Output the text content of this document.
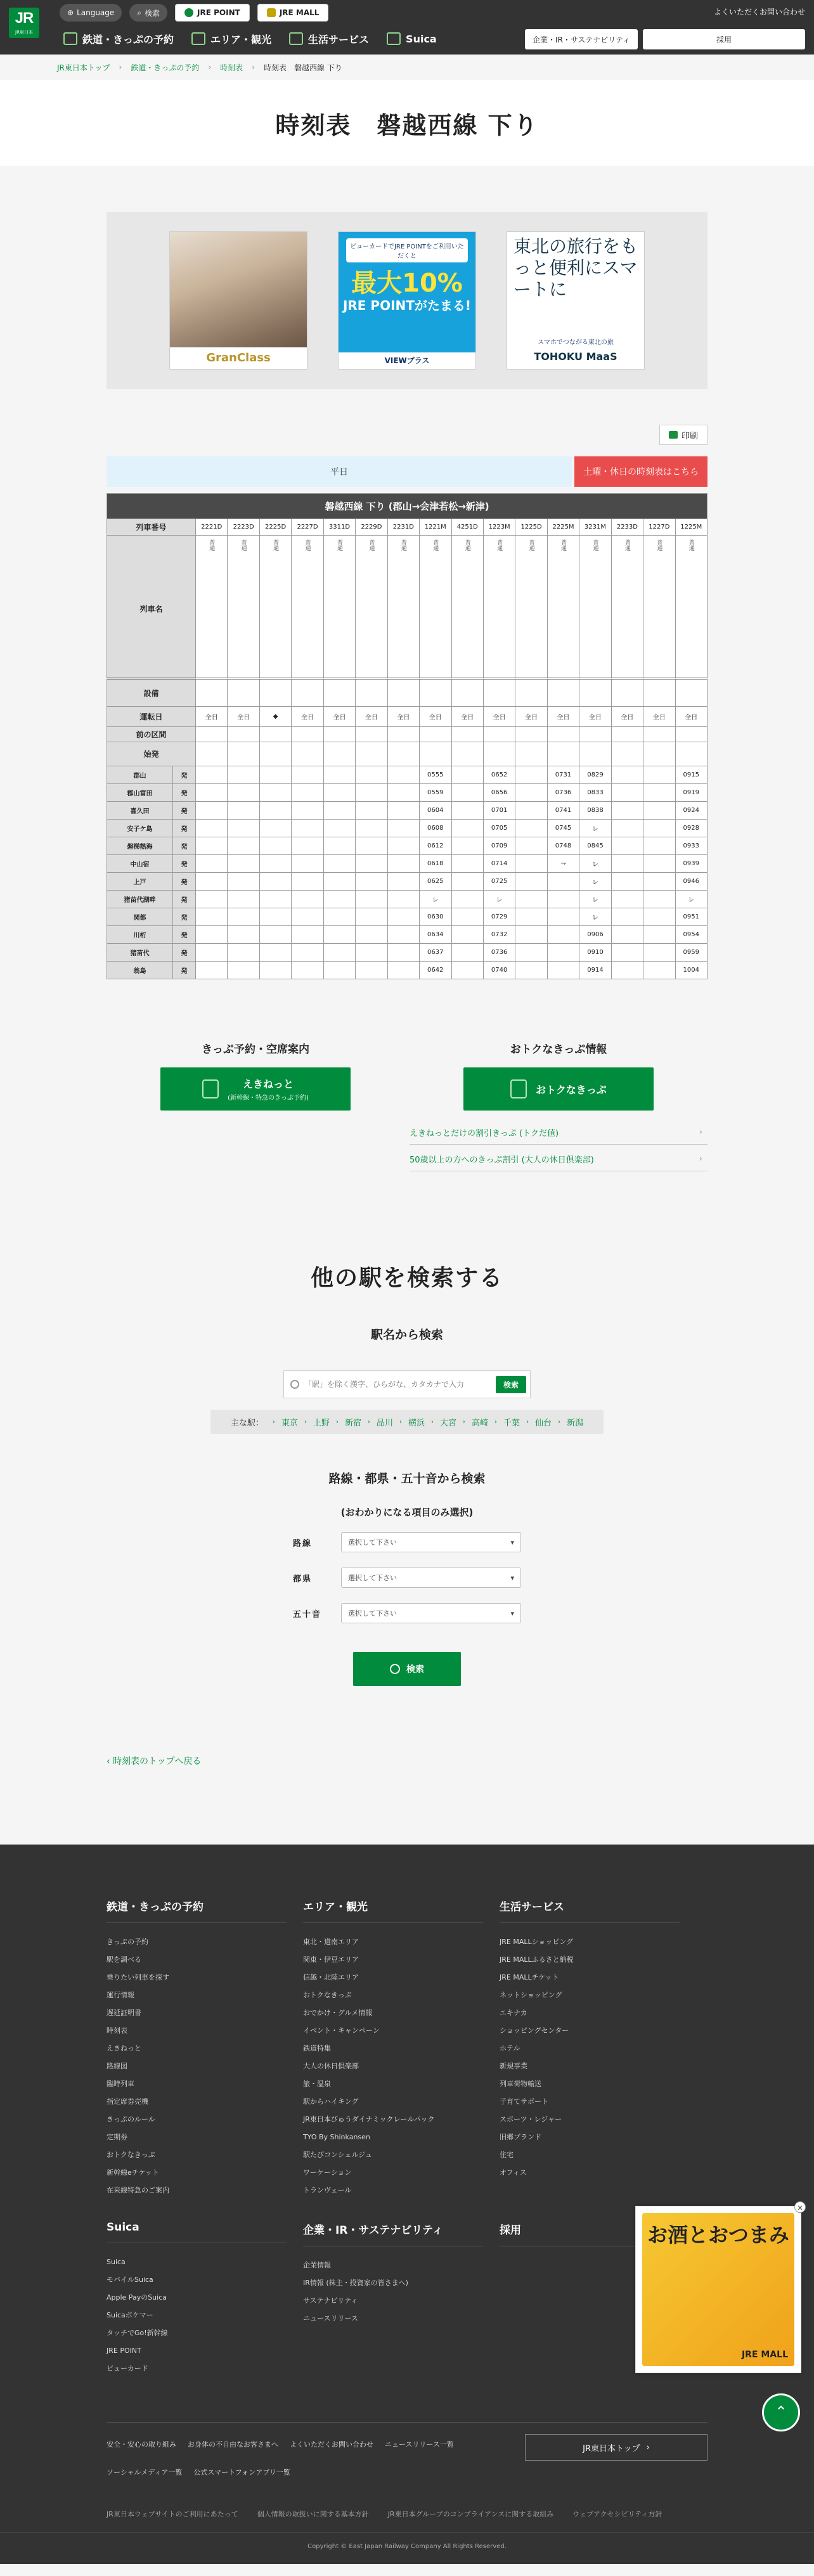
JR
JR東日本
⊕ Language	⌕ 検索	JRE POINT	JRE MALL	よくいただくお問い合わせ
鉄道・きっぷの予約	エリア・観光	生活サービス	Suica	企業・IR・サステナビリティ	採用
JR東日本トップ › 鉄道・きっぷの予約 › 時刻表 › 時刻表　磐越西線 下り
時刻表　磐越西線 下り
GranClass
ビューカードでJRE POINTをご利用いただくと
最大10%
JRE POINTがたまる!
VIEWプラス
東北の旅行をもっと便利にスマートに
スマホでつながる東北の旅
TOHOKU MaaS
印刷
平日	土曜・休日の時刻表はこちら
磐越西線 下り (郡山→会津若松→新津)																	
列車番号		2221D	2223D	2225D	2227D	3311D	2229D	2231D	1221M	4251D	1223M	1225D	2225M	3231M	2233D	1227D	1225M
列車名		普通	普通	普通	普通	普通	普通	普通	普通	普通	普通	普通	普通	普通	普通	普通	普通
設備																	
運転日		全日	全日	◆	全日	全日	全日	全日	全日	全日	全日	全日	全日	全日	全日	全日	全日
前の区間																	
始発																	
郡山	発								0555		0652		0731	0829			0915
郡山富田	発								0559		0656		0736	0833			0919
喜久田	発								0604		0701		0741	0838			0924
安子ケ島	発								0608		0705		0745	レ			0928
磐梯熱海	発								0612		0709		0748	0845			0933
中山宿	発								0618		0714		⇁	レ			0939
上戸	発								0625		0725			レ			0946
猪苗代湖畔	発								レ		レ			レ			レ
関都	発								0630		0729			レ			0951
川桁	発								0634		0732			0906			0954
猪苗代	発								0637		0736			0910			0959
翁島	発								0642		0740			0914			1004
きっぷ予約・空席案内
えきねっと
(新幹線・特急のきっぷ予約)
おトクなきっぷ情報
おトクなきっぷ
えきねっとだけの割引きっぷ (トクだ値)	›
50歳以上の方へのきっぷ割引 (大人の休日倶楽部)	›
他の駅を検索する
駅名から検索
「駅」を除く漢字、ひらがな、カタカナで入力
検索
主な駅： › 東京 › 上野 › 新宿 › 品川 › 横浜 › 大宮 › 高崎 › 千葉 › 仙台 › 新潟
路線・都県・五十音から検索
(おわかりになる項目のみ選択)
路線	選択して下さい	▾
都県	選択して下さい	▾
五十音	選択して下さい	▾
検索
‹ 時刻表のトップへ戻る
鉄道・きっぷの予約
きっぷの予約
駅を調べる
乗りたい列車を探す
運行情報
遅延証明書
時刻表
えきねっと
路線図
臨時列車
指定席券売機
きっぷのルール
定期券
おトクなきっぷ
新幹線eチケット
在来線特急のご案内
エリア・観光
東北・道南エリア
関東・伊豆エリア
信越・北陸エリア
おトクなきっぷ
おでかけ・グルメ情報
イベント・キャンペーン
鉄道特集
大人の休日倶楽部
旅・温泉
駅からハイキング
JR東日本びゅうダイナミックレールパック
TYO By Shinkansen
駅たびコンシェルジュ
ワーケーション
トランヴェール
生活サービス
JRE MALLショッピング
JRE MALLふるさと納税
JRE MALLチケット
ネットショッピング
エキナカ
ショッピングセンター
ホテル
新規事業
列車荷物輸送
子育てサポート
スポーツ・レジャー
旧郷ブランド
住宅
オフィス
Suica
Suica
モバイルSuica
Apple PayのSuica
Suicaポケマー
タッチでGo!新幹線
JRE POINT
ビューカード
企業・IR・サステナビリティ
企業情報
IR情報 (株主・投資家の皆さまへ)
サステナビリティ
ニュースリリース
採用
安全・安心の取り組み お身体の不自由なお客さまへ よくいただくお問い合わせ ニュースリリース一覧
ソーシャルメディア一覧 公式スマートフォンアプリ一覧
JR東日本トップ ›
JR東日本ウェブサイトのご利用にあたって	個人情報の取扱いに関する基本方針	JR東日本グループのコンプライアンスに関する取組み	ウェブアクセシビリティ方針
Copyright © East Japan Railway Company All Rights Reserved.
お酒とおつまみ
JRE MALL
×
⌃
